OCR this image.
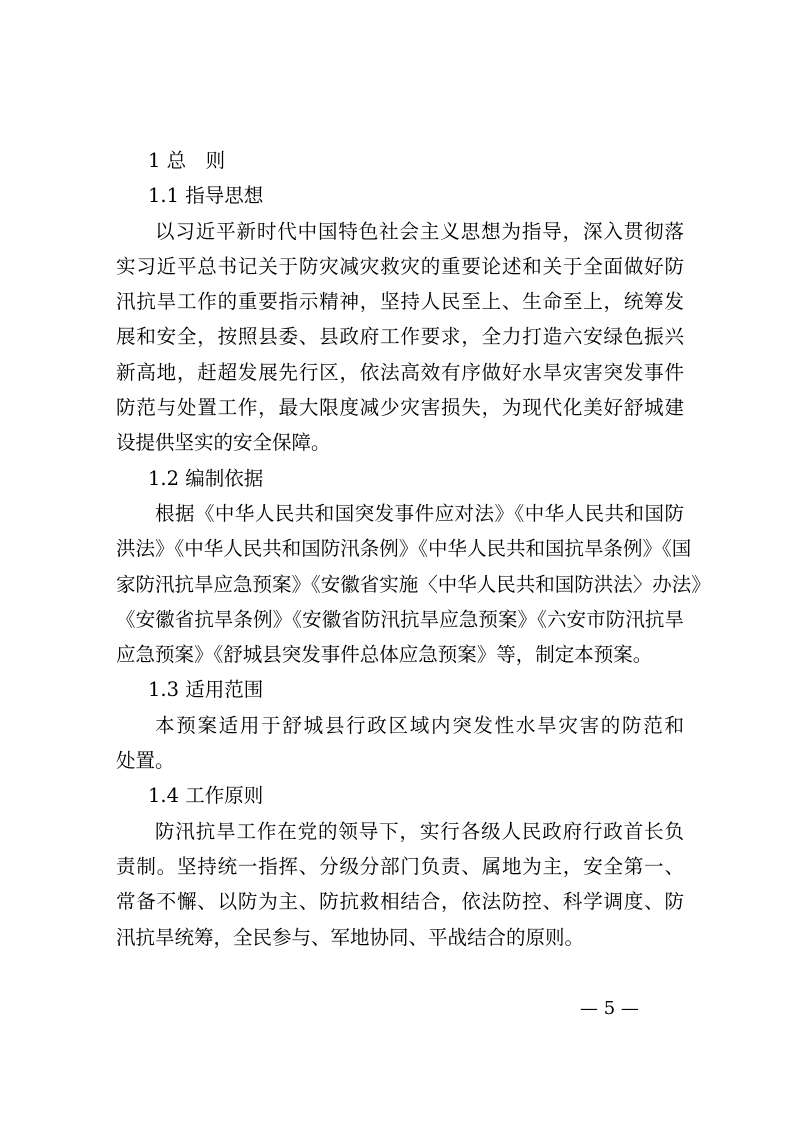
1 总　则
1.1 指导思想
以习近平新时代中国特色社会主义思想为指导，深入贯彻落
实习近平总书记关于防灾减灾救灾的重要论述和关于全面做好防
汛抗旱工作的重要指示精神，坚持人民至上、生命至上，统筹发
展和安全，按照县委、县政府工作要求，全力打造六安绿色振兴
新高地，赶超发展先行区，依法高效有序做好水旱灾害突发事件
防范与处置工作，最大限度减少灾害损失，为现代化美好舒城建
设提供坚实的安全保障。
1.2 编制依据
根据《中华人民共和国突发事件应对法》《中华人民共和国防
洪法》《中华人民共和国防汛条例》《中华人民共和国抗旱条例》《国
家防汛抗旱应急预案》《安徽省实施〈中华人民共和国防洪法〉办法》
《安徽省抗旱条例》《安徽省防汛抗旱应急预案》《六安市防汛抗旱
应急预案》《舒城县突发事件总体应急预案》等，制定本预案。
1.3 适用范围
本预案适用于舒城县行政区域内突发性水旱灾害的防范和
处置。
1.4 工作原则
防汛抗旱工作在党的领导下，实行各级人民政府行政首长负
责制。坚持统一指挥、分级分部门负责、属地为主，安全第一、
常备不懈、以防为主、防抗救相结合，依法防控、科学调度、防
汛抗旱统筹，全民参与、军地协同、平战结合的原则。
— 5 —
